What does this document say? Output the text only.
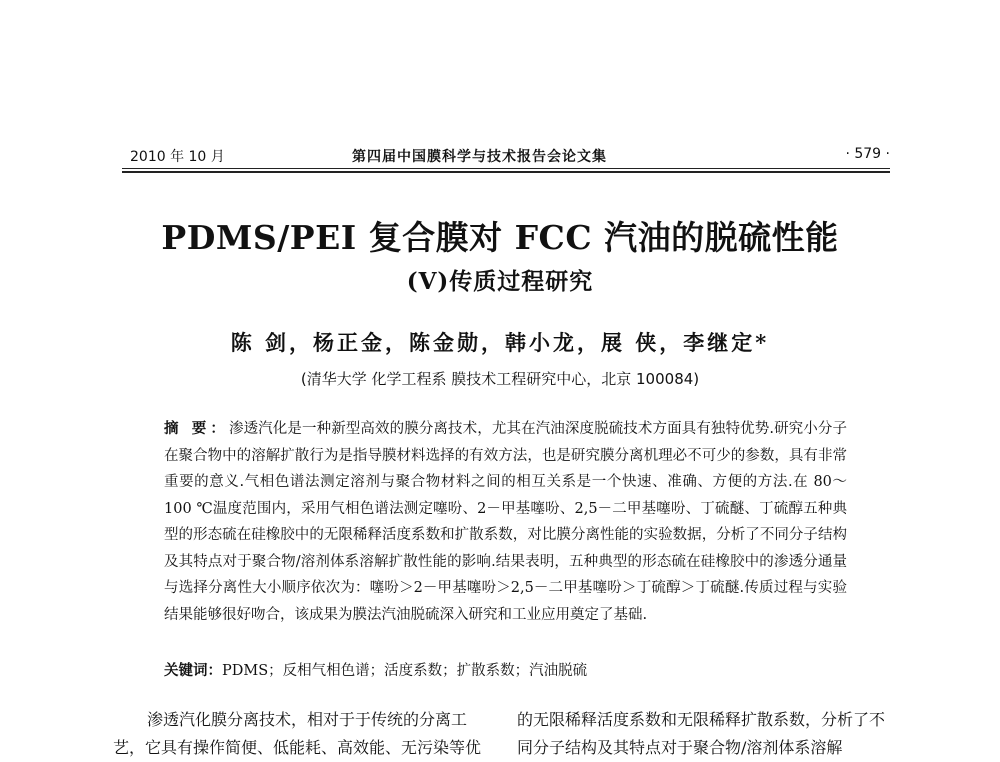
2010 年 10 月	第四届中国膜科学与技术报告会论文集	· 579 ·
PDMS/PEI 复合膜对 FCC 汽油的脱硫性能
(Ⅴ)传质过程研究
陈 剑，杨正金，陈金勋，韩小龙，展 侠，李继定*
(清华大学 化学工程系 膜技术工程研究中心，北京 100084)
摘 要：渗透汽化是一种新型高效的膜分离技术，尤其在汽油深度脱硫技术方面具有独特优势.研究小分子在聚合物中的溶解扩散行为是指导膜材料选择的有效方法，也是研究膜分离机理必不可少的参数，具有非常重要的意义.气相色谱法测定溶剂与聚合物材料之间的相互关系是一个快速、准确、方便的方法.在 80～100 ℃温度范围内，采用气相色谱法测定噻吩、2－甲基噻吩、2,5－二甲基噻吩、丁硫醚、丁硫醇五种典型的形态硫在硅橡胶中的无限稀释活度系数和扩散系数，对比膜分离性能的实验数据，分析了不同分子结构及其特点对于聚合物/溶剂体系溶解扩散性能的影响.结果表明，五种典型的形态硫在硅橡胶中的渗透分通量与选择分离性大小顺序依次为：噻吩＞2－甲基噻吩＞2,5－二甲基噻吩＞丁硫醇＞丁硫醚.传质过程与实验结果能够很好吻合，该成果为膜法汽油脱硫深入研究和工业应用奠定了基础.
关键词：PDMS；反相气相色谱；活度系数；扩散系数；汽油脱硫
渗透汽化膜分离技术，相对于于传统的分离工艺，它具有操作简便、低能耗、高效能、无污染等优
的无限稀释活度系数和无限稀释扩散系数，分析了不同分子结构及其特点对于聚合物/溶剂体系溶解
